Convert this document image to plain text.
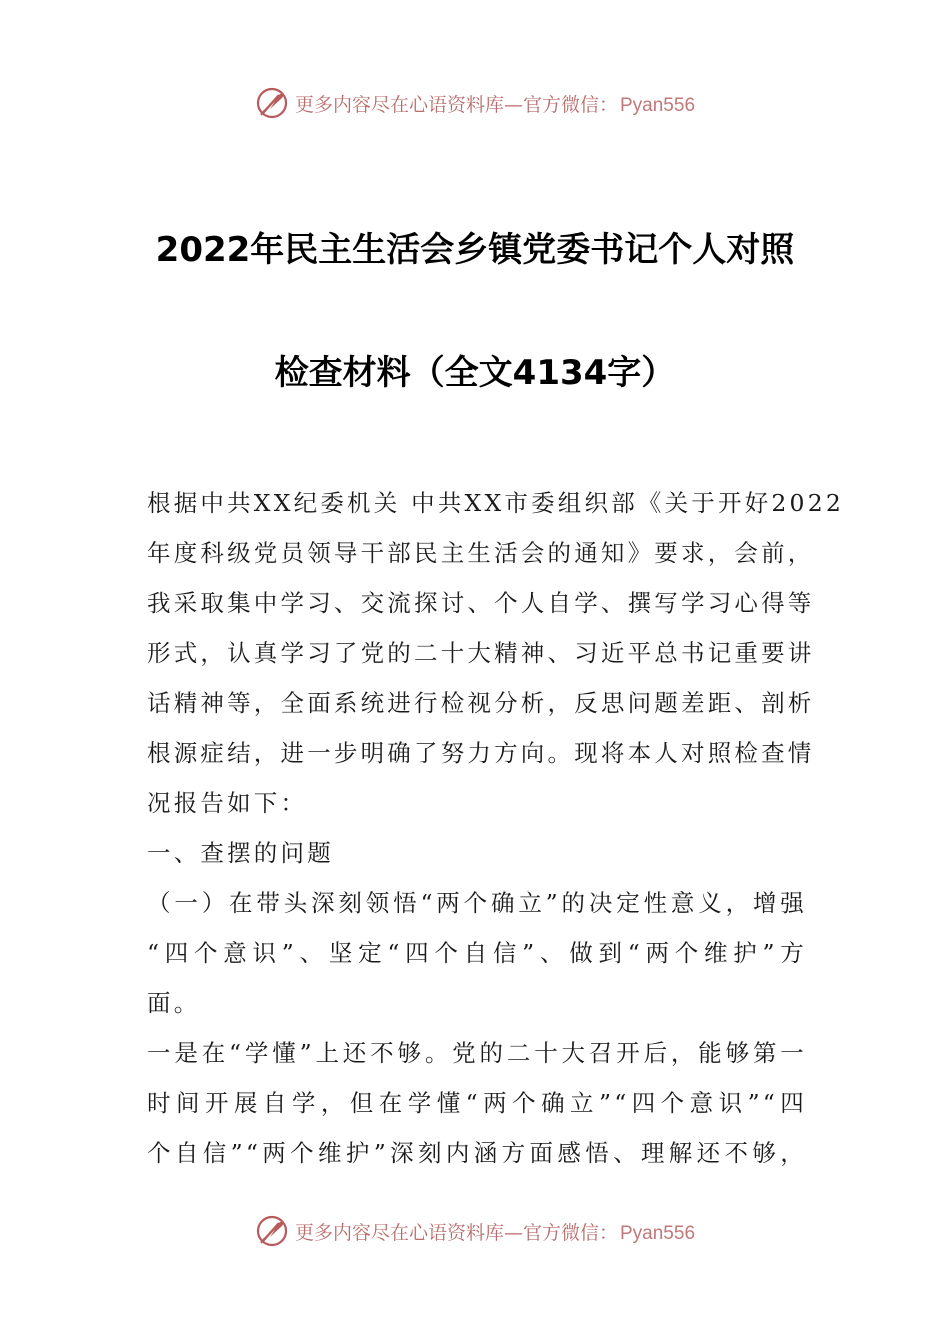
更多内容尽在心语资料库—官方微信： Pyan556
2022年民主生活会乡镇党委书记个人对照
检查材料（全文4134字）
根据中共XX纪委机关 中共XX市委组织部《关于开好2022
年度科级党员领导干部民主生活会的通知》要求，会前，
我采取集中学习、交流探讨、个人自学、撰写学习心得等
形式，认真学习了党的二十大精神、习近平总书记重要讲
话精神等，全面系统进行检视分析，反思问题差距、剖析
根源症结，进一步明确了努力方向。现将本人对照检查情
况报告如下：
一、查摆的问题
（一）在带头深刻领悟“两个确立”的决定性意义，增强
“四个意识”、坚定“四个自信”、做到“两个维护”方
面。
一是在“学懂”上还不够。党的二十大召开后，能够第一
时间开展自学，但在学懂“两个确立”“四个意识”“四
个自信”“两个维护”深刻内涵方面感悟、理解还不够，
更多内容尽在心语资料库—官方微信： Pyan556
